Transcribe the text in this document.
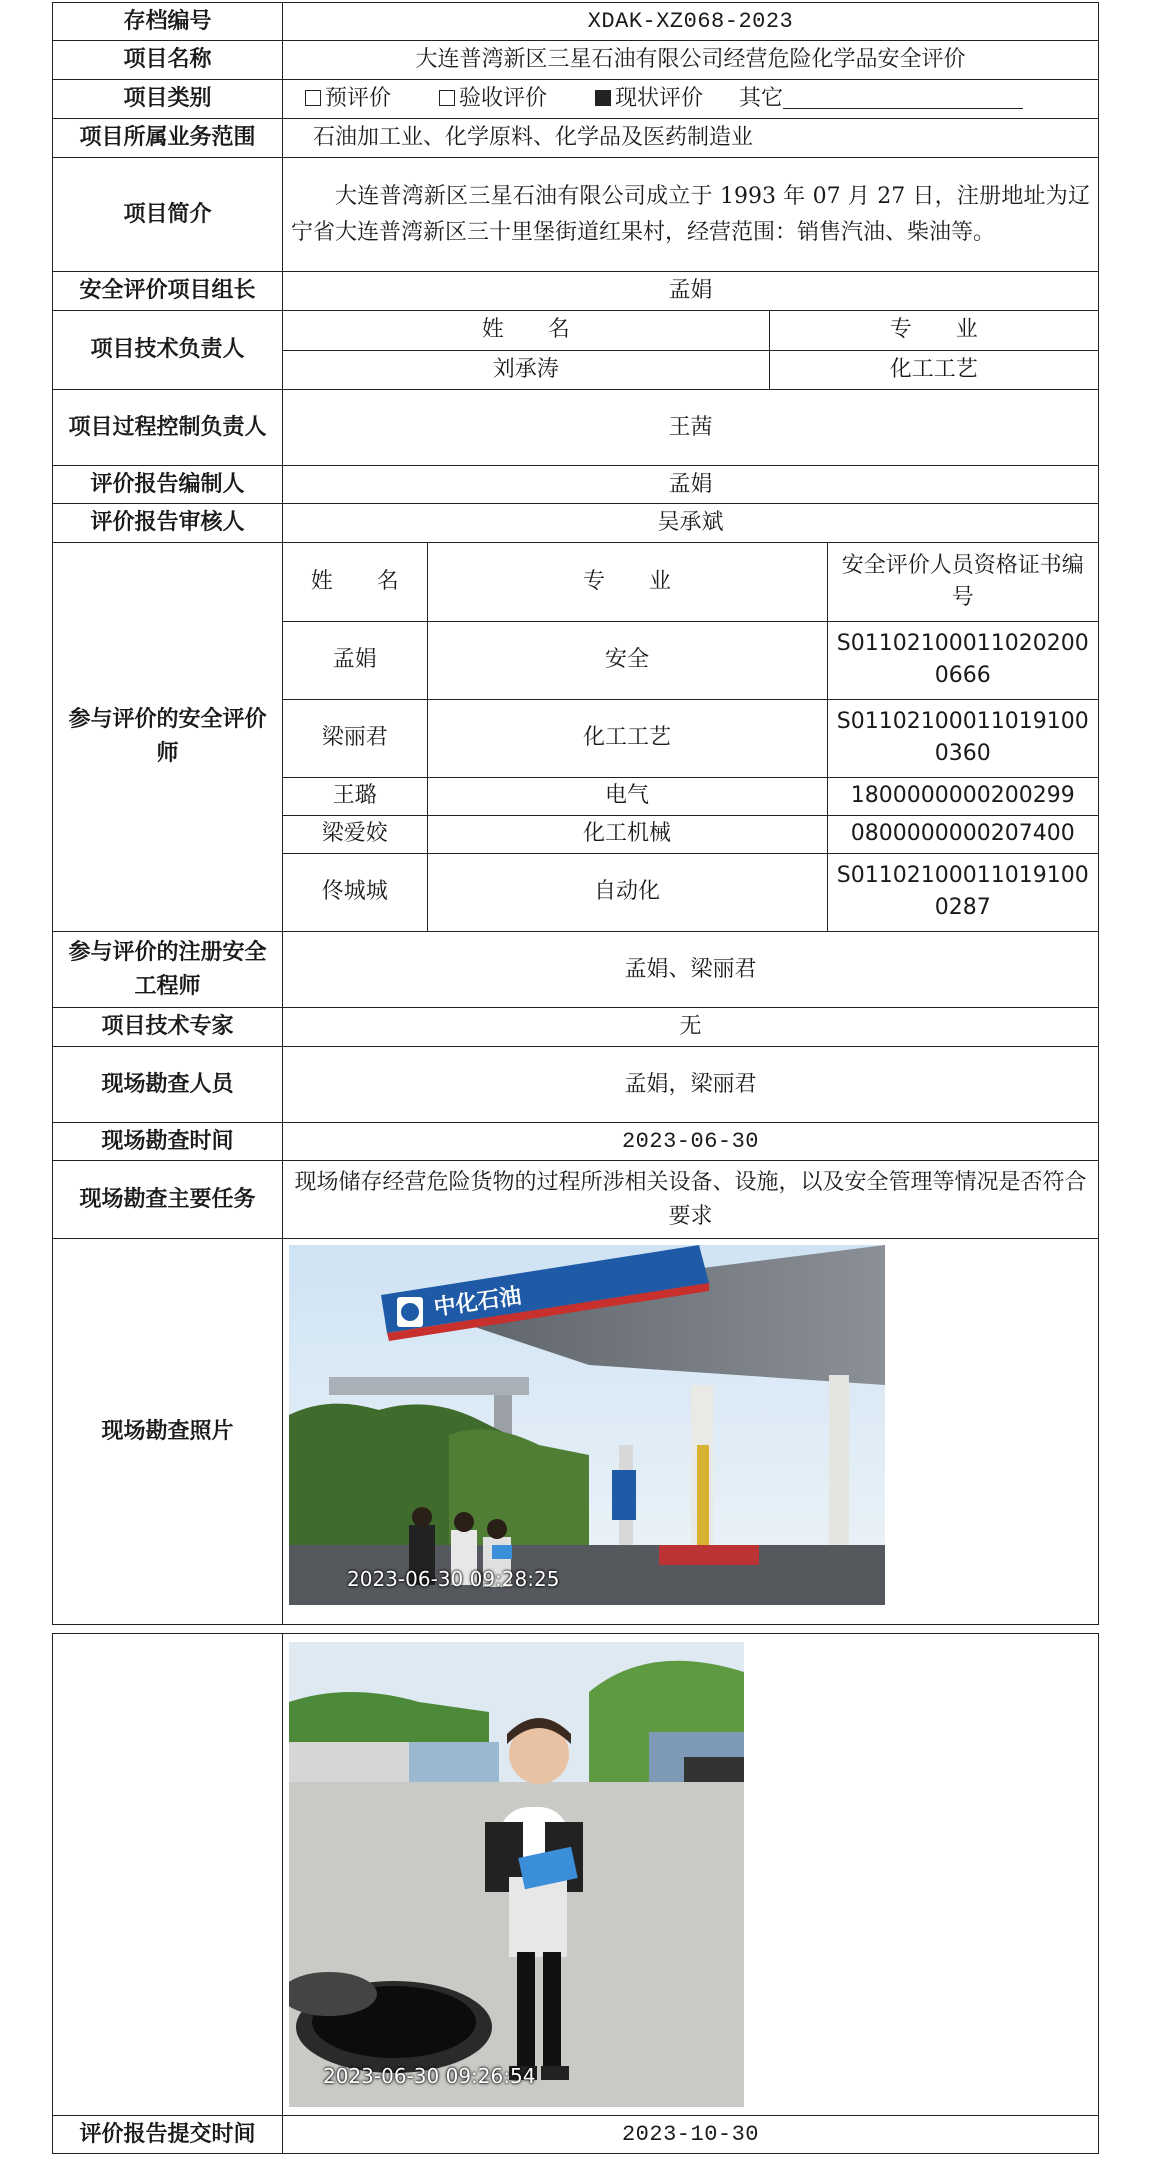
存档编号	XDAK-XZ068-2023
项目名称	大连普湾新区三星石油有限公司经营危险化学品安全评价
项目类别	预评价	验收评价	现状评价 其它
项目所属业务范围	石油加工业、化学原料、化学品及医药制造业
项目简介	大连普湾新区三星石油有限公司成立于 1993 年 07 月 27 日，注册地址为辽宁省大连普湾新区三十里堡街道红果村，经营范围：销售汽油、柴油等。
安全评价项目组长	孟娟
项目技术负责人	
姓　　名	专　　业
刘承涛	化工工艺

项目过程控制负责人	王茜
评价报告编制人	孟娟
评价报告审核人	吴承斌
参与评价的安全评价师	
姓　　名	专　　业	安全评价人员资格证书编号
孟娟	安全	S011021000110202000666
梁丽君	化工工艺	S011021000110191000360
王璐	电气	1800000000200299
梁爱姣	化工机械	0800000000207400
佟城城	自动化	S011021000110191000287

参与评价的注册安全工程师	孟娟、梁丽君
项目技术专家	无
现场勘查人员	孟娟，梁丽君
现场勘查时间	2023-06-30
现场勘查主要任务	现场储存经营危险货物的过程所涉相关设备、设施，以及安全管理等情况是否符合要求
现场勘查照片	
中化石油
2023-06-30 09:28:25

	2023-06-30 09:26:54

评价报告提交时间	2023-10-30
